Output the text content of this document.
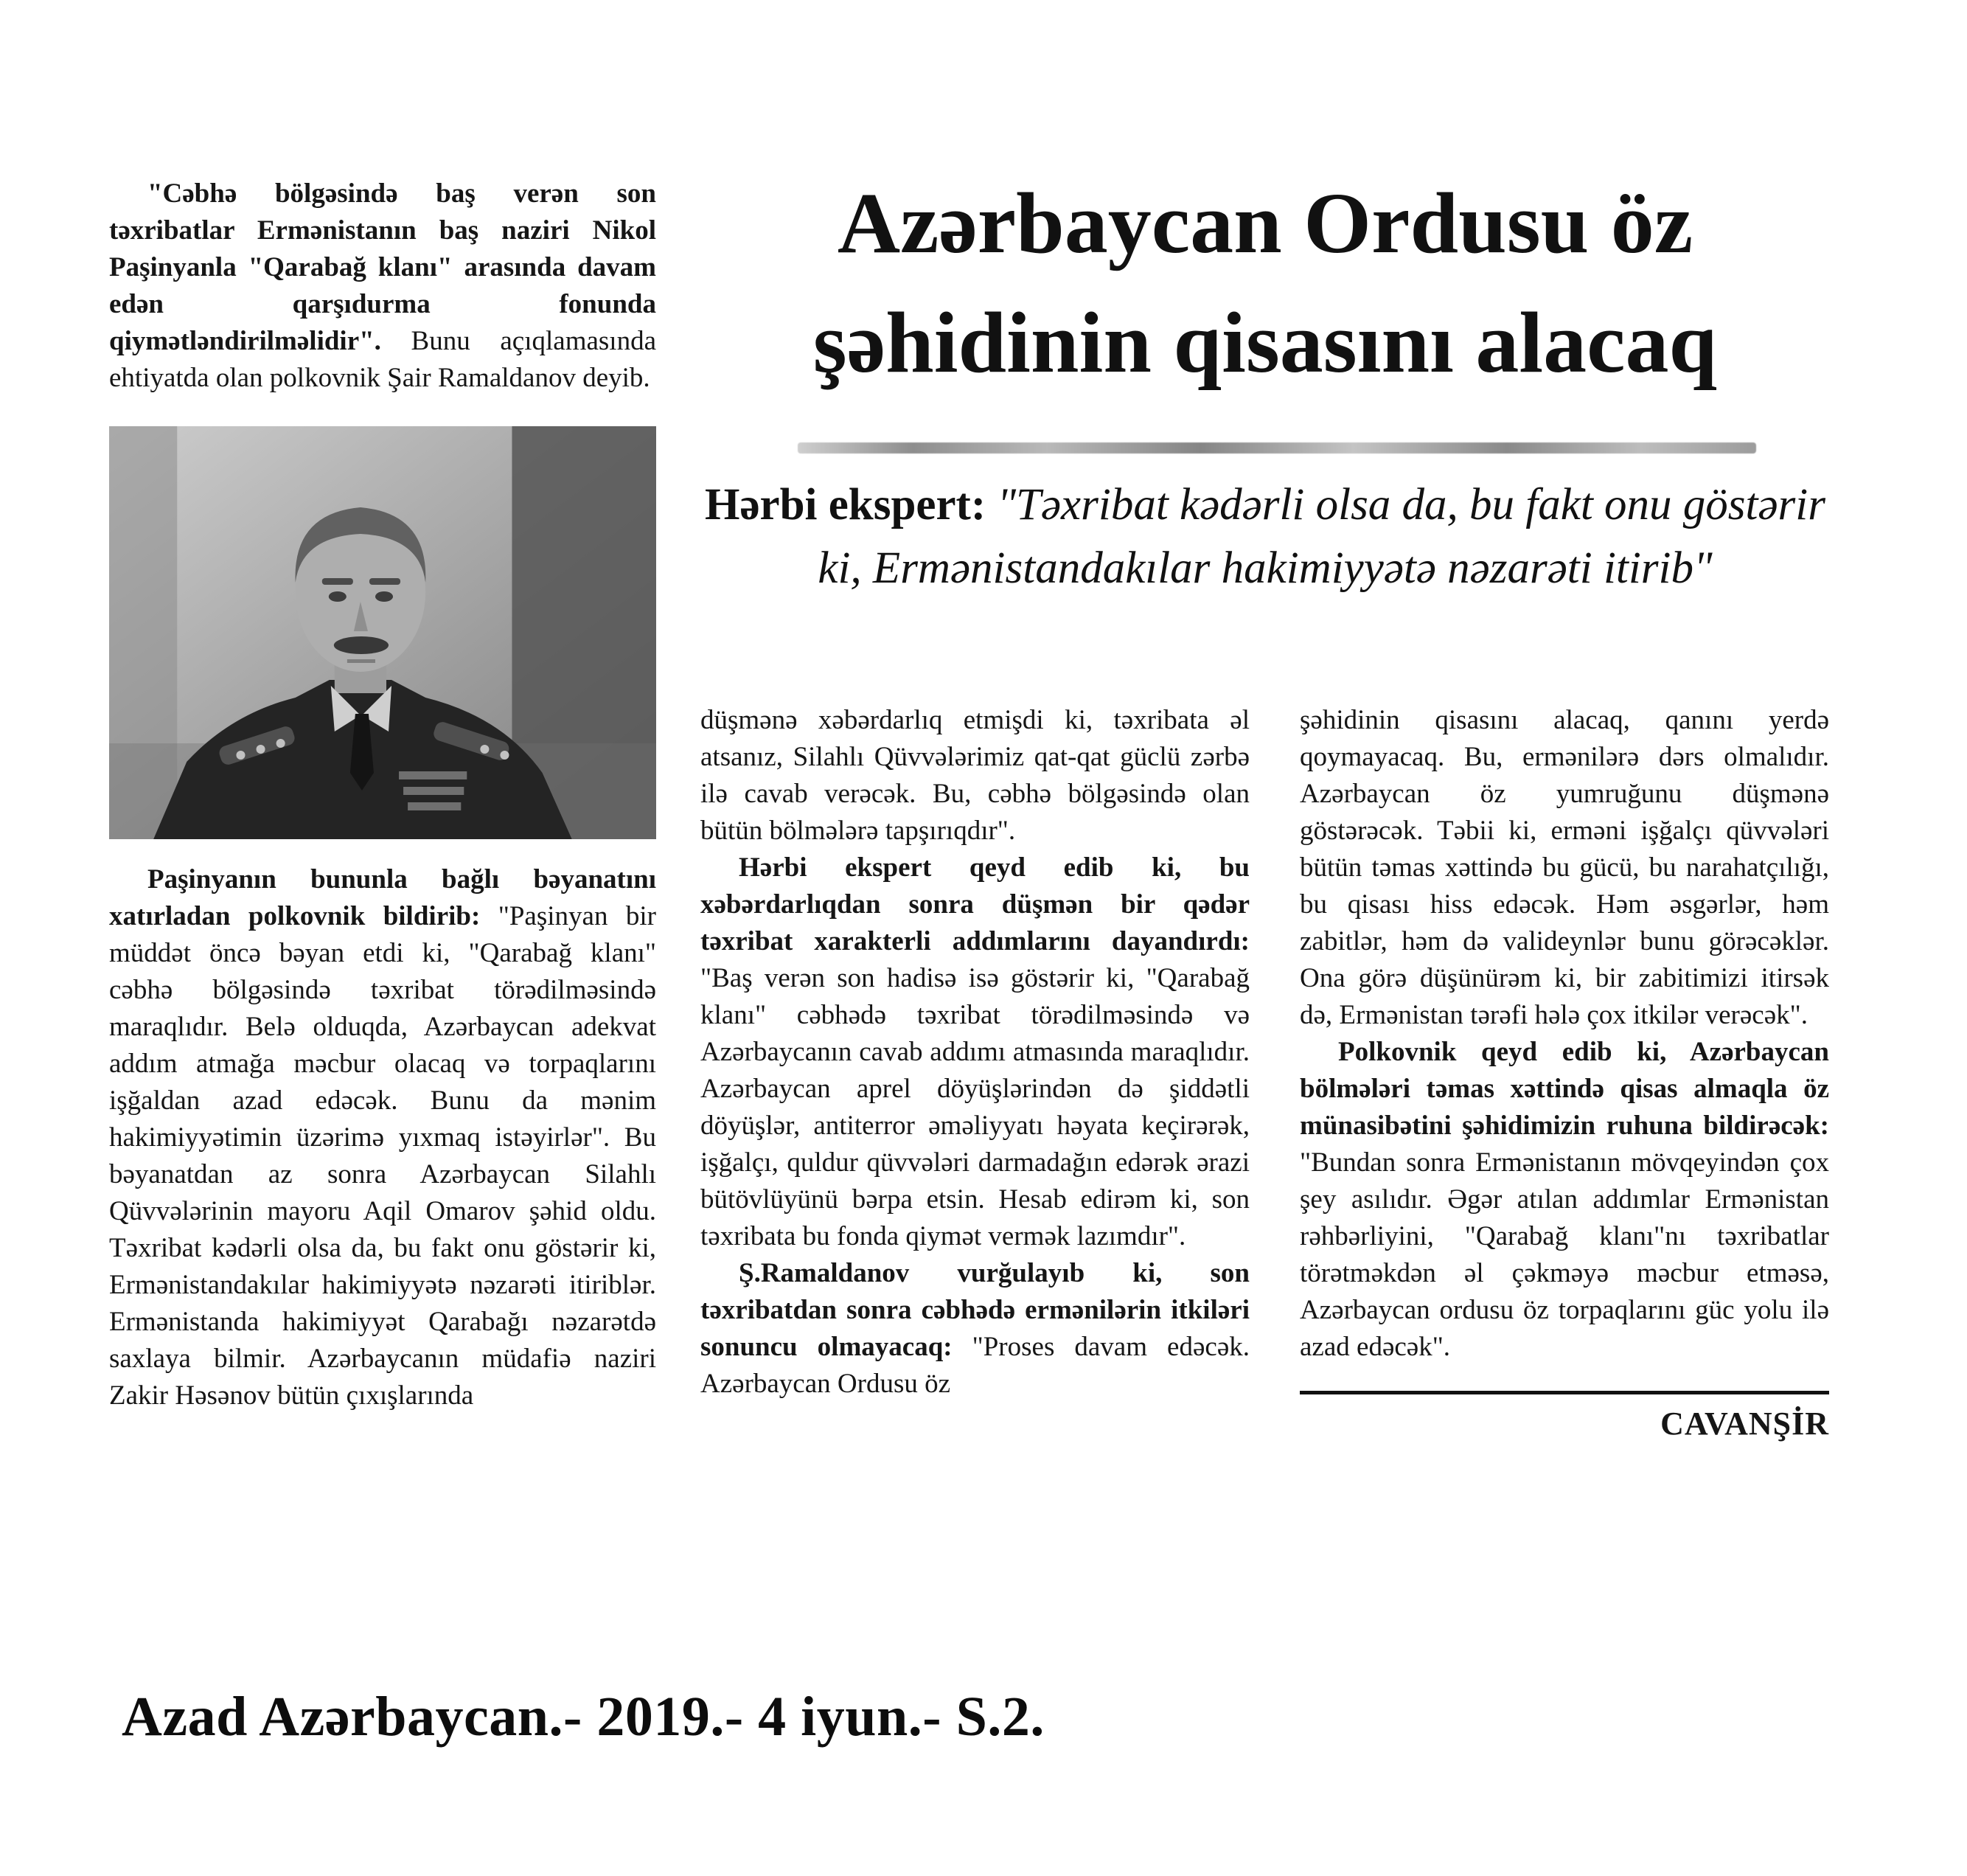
"Cəbhə bölgəsində baş verən son təxribatlar Ermənistanın baş naziri Nikol Paşinyanla "Qarabağ klanı" arasında davam edən qarşıdurma fonunda qiymətləndirilməlidir". Bunu açıqlamasında ehtiyatda olan polkovnik Şair Ramaldanov deyib.

Paşinyanın bununla bağlı bəyanatını xatırladan polkovnik bildirib: "Paşinyan bir müddət öncə bəyan etdi ki, "Qarabağ klanı" cəbhə bölgəsində təxribat törədilməsində maraqlıdır. Belə olduqda, Azərbaycan adekvat addım atmağa məcbur olacaq və torpaqlarını işğaldan azad edəcək. Bunu da mənim hakimiyyətimin üzərimə yıxmaq istəyirlər". Bu bəyanatdan az sonra Azərbaycan Silahlı Qüvvələrinin mayoru Aqil Omarov şəhid oldu. Təxribat kədərli olsa da, bu fakt onu göstərir ki, Ermənistandakılar hakimiyyətə nəzarəti itiriblər. Ermənistanda hakimiyyət Qarabağı nəzarətdə saxlaya bilmir. Azərbaycanın müdafiə naziri Zakir Həsənov bütün çıxışlarında

Azərbaycan Ordusu öz
şəhidinin qisasını alacaq
Hərbi ekspert: "Təxribat kədərli olsa da, bu fakt onu göstərir ki, Ermənistandakılar hakimiyyətə nəzarəti itirib"

düşmənə xəbərdarlıq etmişdi ki, təxribata əl atsanız, Silahlı Qüvvələrimiz qat-qat güclü zərbə ilə cavab verəcək. Bu, cəbhə bölgəsində olan bütün bölmələrə tapşırıqdır".

Hərbi ekspert qeyd edib ki, bu xəbərdarlıqdan sonra düşmən bir qədər təxribat xarakterli addımlarını dayandırdı: "Baş verən son hadisə isə göstərir ki, "Qarabağ klanı" cəbhədə təxribat törədilməsində və Azərbaycanın cavab addımı atmasında maraqlıdır. Azərbaycan aprel döyüşlərindən də şiddətli döyüşlər, antiterror əməliyyatı həyata keçirərək, işğalçı, quldur qüvvələri darmadağın edərək ərazi bütövlüyünü bərpa etsin. Hesab edirəm ki, son təxribata bu fonda qiymət vermək lazımdır".

Ş.Ramaldanov vurğulayıb ki, son təxribatdan sonra cəbhədə ermənilərin itkiləri sonuncu olmayacaq: "Proses davam edəcək. Azərbaycan Ordusu öz

şəhidinin qisasını alacaq, qanını yerdə qoymayacaq. Bu, ermənilərə dərs olmalıdır. Azərbaycan öz yumruğunu düşmənə göstərəcək. Təbii ki, erməni işğalçı qüvvələri bütün təmas xəttində bu gücü, bu narahatçılığı, bu qisası hiss edəcək. Həm əsgərlər, həm zabitlər, həm də valideynlər bunu görəcəklər. Ona görə düşünürəm ki, bir zabitimizi itirsək də, Ermənistan tərəfi hələ çox itkilər verəcək".

Polkovnik qeyd edib ki, Azərbaycan bölmələri təmas xəttində qisas almaqla öz münasibətini şəhidimizin ruhuna bildirəcək: "Bundan sonra Ermənistanın mövqeyindən çox şey asılıdır. Əgər atılan addımlar Ermənistan rəhbərliyini, "Qarabağ klanı"nı təxribatlar törətməkdən əl çəkməyə məcbur etməsə, Azərbaycan ordusu öz torpaqlarını güc yolu ilə azad edəcək".

CAVANŞİR
Azad Azərbaycan.- 2019.- 4 iyun.- S.2.
